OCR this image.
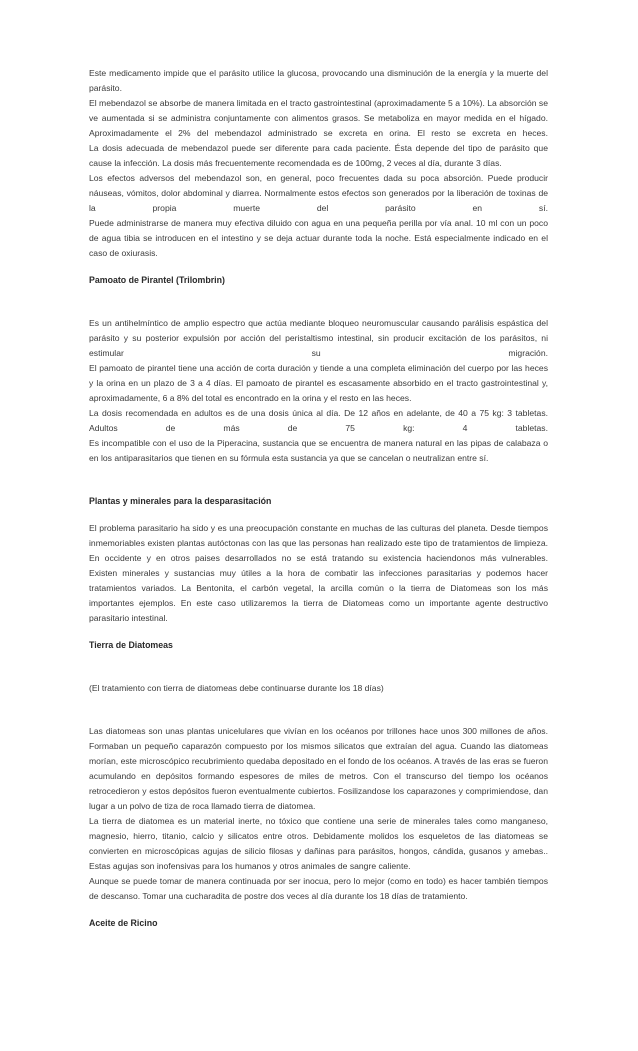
Este medicamento impide que el parásito utilice la glucosa, provocando una disminución de la energía y la muerte del parásito.

El mebendazol se absorbe de manera limitada en el tracto gastrointestinal (aproximadamente 5 a 10%). La absorción se ve aumentada si se administra conjuntamente con alimentos grasos. Se metaboliza en mayor medida en el hígado. Aproximadamente el 2% del mebendazol administrado se excreta en orina. El resto se excreta en heces.

La dosis adecuada de mebendazol puede ser diferente para cada paciente. Ésta depende del tipo de parásito que cause la infección. La dosis más frecuentemente recomendada es de 100mg, 2 veces al día, durante 3 días.

Los efectos adversos del mebendazol son, en general, poco frecuentes dada su poca absorción. Puede producir náuseas, vómitos, dolor abdominal y diarrea. Normalmente estos efectos son generados por la liberación de toxinas de la propia muerte del parásito en sí.

Puede administrarse de manera muy efectiva diluido con agua en una pequeña perilla por vía anal. 10 ml con un poco de agua tibia se introducen en el intestino y se deja actuar durante toda la noche. Está especialmente indicado en el caso de oxiurasis.

Pamoato de Pirantel (Trilombrin)

Es un antihelmíntico de amplio espectro que actúa mediante bloqueo neuromuscular causando parálisis espástica del parásito y su posterior expulsión por acción del peristaltismo intestinal, sin producir excitación de los parásitos, ni estimular su migración.

El pamoato de pirantel tiene una acción de corta duración y tiende a una completa eliminación del cuerpo por las heces y la orina en un plazo de 3 a 4 días. El pamoato de pirantel es escasamente absorbido en el tracto gastrointestinal y, aproximadamente, 6 a 8% del total es encontrado en la orina y el resto en las heces.

La dosis recomendada en adultos es de una dosis única al día. De 12 años en adelante, de 40 a 75 kg: 3 tabletas. Adultos de más de 75 kg: 4 tabletas.

Es incompatible con el uso de la Piperacina, sustancia que se encuentra de manera natural en las pipas de calabaza o en los antiparasitarios que tienen en su fórmula esta sustancia ya que se cancelan o neutralizan entre sí.

Plantas y minerales para la desparasitación

El problema parasitario ha sido y es una preocupación constante en muchas de las culturas del planeta. Desde tiempos inmemoriables existen plantas autóctonas con las que las personas han realizado este tipo de tratamientos de limpieza. En occidente y en otros paises desarrollados no se está tratando su existencia haciendonos más vulnerables.

Existen minerales y sustancias muy útiles a la hora de combatir las infecciones parasitarias y podemos hacer tratamientos variados. La Bentonita, el carbón vegetal, la arcilla común o la tierra de Diatomeas son los más importantes ejemplos. En este caso utilizaremos la tierra de Diatomeas como un importante agente destructivo parasitario intestinal.

Tierra de Diatomeas

(El tratamiento con tierra de diatomeas debe continuarse durante los 18 días)

Las diatomeas son unas plantas unicelulares que vivían en los océanos por trillones hace unos 300 millones de años. Formaban un pequeño caparazón compuesto por los mismos silicatos que extraían del agua. Cuando las diatomeas morían, este microscópico recubrimiento quedaba depositado en el fondo de los océanos. A través de las eras se fueron acumulando en depósitos formando espesores de miles de metros. Con el transcurso del tiempo los océanos retrocedieron y estos depósitos fueron eventualmente cubiertos. Fosilizandose los caparazones y comprimiendose, dan lugar a un polvo de tiza de roca llamado tierra de diatomea.

La tierra de diatomea es un material inerte, no tóxico que contiene una serie de minerales tales como manganeso, magnesio, hierro, titanio, calcio y silicatos entre otros. Debidamente molidos los esqueletos de las diatomeas se convierten en microscópicas agujas de silicio filosas y dañinas para parásitos, hongos, cándida, gusanos y amebas.. Estas agujas son inofensivas para los humanos y otros animales de sangre caliente.

Aunque se puede tomar de manera continuada por ser inocua, pero lo mejor (como en todo) es hacer también tiempos de descanso. Tomar una cucharadita de postre dos veces al día durante los 18 días de tratamiento.

Aceite de Ricino
